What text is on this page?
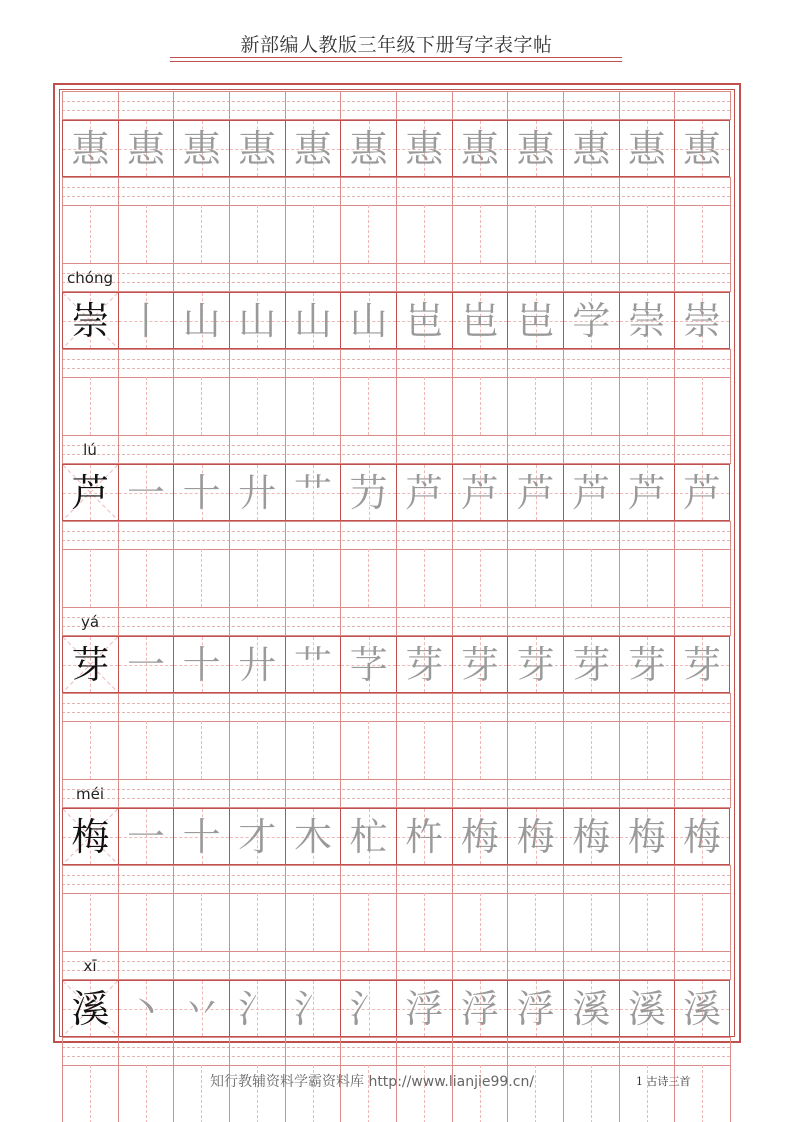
新部编人教版三年级下册写字表字帖
惠 惠 惠 惠 惠 惠 惠 惠 惠 惠 惠 惠
chóng
崇 丨 山 山 山 山 岜 岜 岜 学 崇 崇
lú
芦 一 十 廾 艹 芀 芦 芦 芦 芦 芦 芦
yá
芽 一 十 廾 艹 芓 芽 芽 芽 芽 芽 芽
méi
梅 一 十 才 木 杧 杵 梅 梅 梅 梅 梅
xī
溪 丶 丷 氵 氵 氵 浮 浮 浮 溪 溪 溪
知行教辅资料学霸资料库 http://www.lianjie99.cn/	1 古诗三首
